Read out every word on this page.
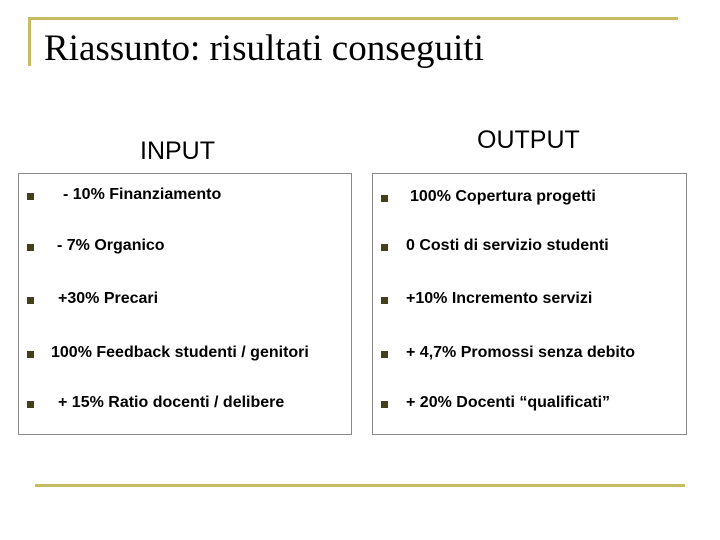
Riassunto: risultati conseguiti
INPUT	OUTPUT
- 10% Finanziamento
- 7% Organico
+30% Precari
100% Feedback studenti / genitori
+ 15% Ratio docenti / delibere
100% Copertura progetti
0 Costi di servizio studenti
+10% Incremento servizi
+ 4,7% Promossi senza debito
+ 20% Docenti “qualificati”
